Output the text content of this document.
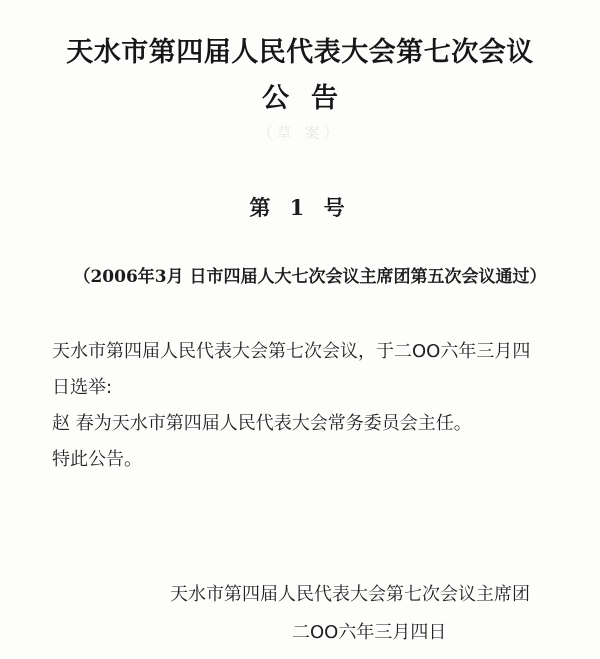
天水市第四届人民代表大会第七次会议
公告
（草 案）
第 1 号
（2006年3月 日市四届人大七次会议主席团第五次会议通过）

天水市第四届人民代表大会第七次会议，于二OO六年三月四

日选举:

赵 春为天水市第四届人民代表大会常务委员会主任。

特此公告。

天水市第四届人民代表大会第七次会议主席团
二OO六年三月四日
